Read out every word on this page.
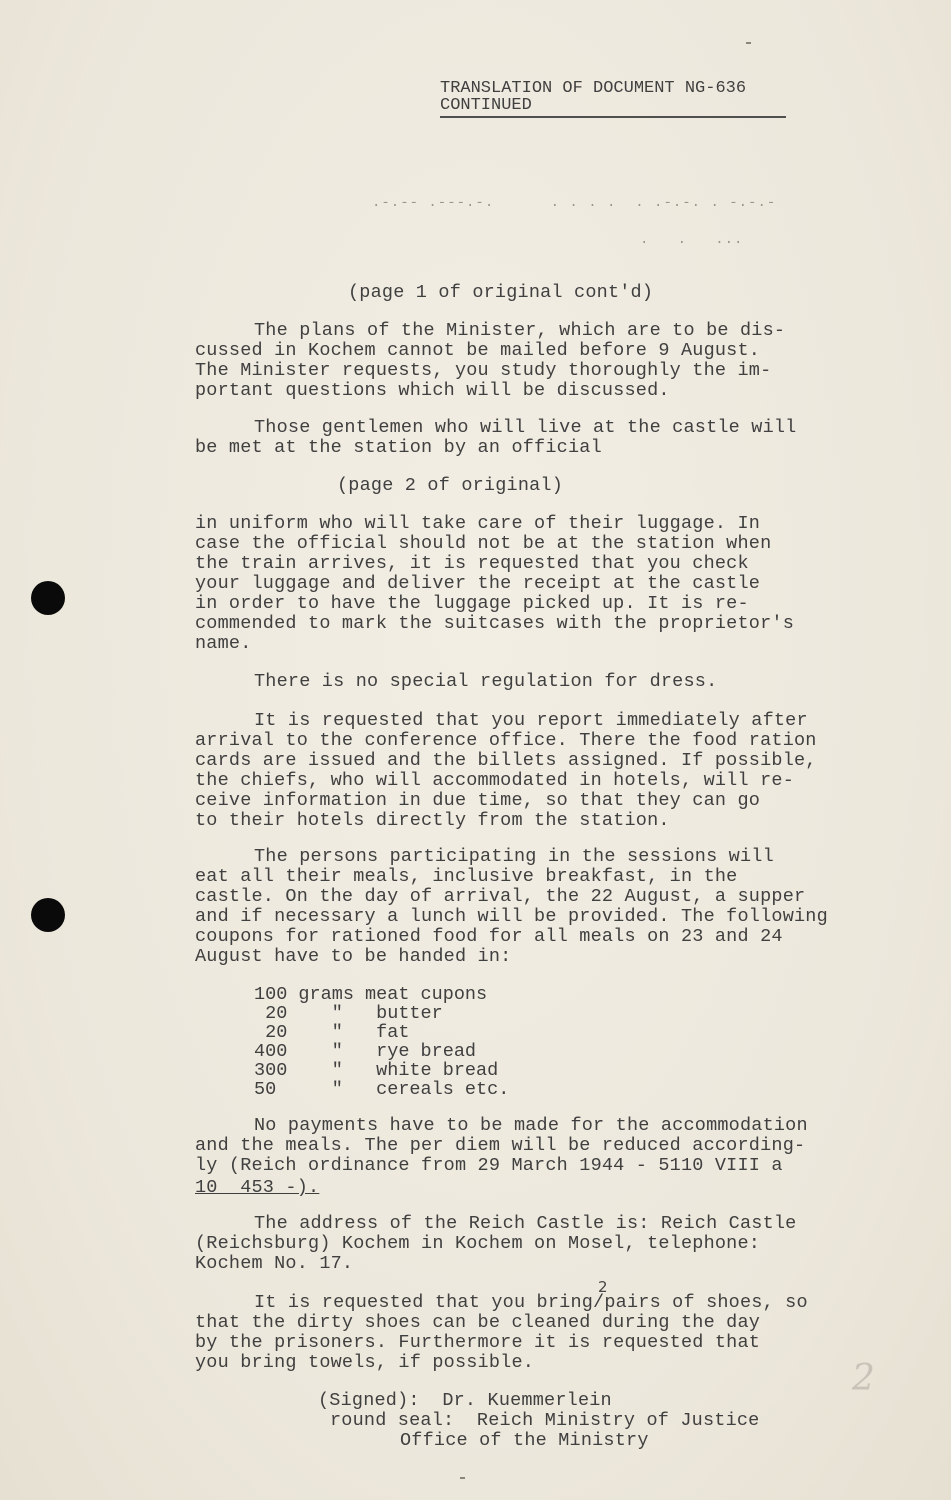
TRANSLATION OF DOCUMENT NG-636
CONTINUED
.-.-- .---.-.      . . . .  . .-.-. . -.-.-
.   .   ...
(page 1 of original cont'd)
The plans of the Minister, which are to be dis-
cussed in Kochem cannot be mailed before 9 August.
The Minister requests, you study thoroughly the im-
portant questions which will be discussed.
Those gentlemen who will live at the castle will
be met at the station by an official
(page 2 of original)
in uniform who will take care of their luggage. In
case the official should not be at the station when
the train arrives, it is requested that you check
your luggage and deliver the receipt at the castle
in order to have the luggage picked up. It is re-
commended to mark the suitcases with the proprietor's
name.
There is no special regulation for dress.
It is requested that you report immediately after
arrival to the conference office. There the food ration
cards are issued and the billets assigned. If possible,
the chiefs, who will accommodated in hotels, will re-
ceive information in due time, so that they can go
to their hotels directly from the station.
The persons participating in the sessions will
eat all their meals, inclusive breakfast, in the
castle. On the day of arrival, the 22 August, a supper
and if necessary a lunch will be provided. The following
coupons for rationed food for all meals on 23 and 24
August have to be handed in:
100 grams meat cupons
20    "   butter
20    "   fat
400    "   rye bread
300    "   white bread
50     "   cereals etc.
No payments have to be made for the accommodation
and the meals. The per diem will be reduced according-
ly (Reich ordinance from 29 March 1944 - 5110 VIII a
10  453 -).
The address of the Reich Castle is: Reich Castle
(Reichsburg) Kochem in Kochem on Mosel, telephone:
Kochem No. 17.
2
It is requested that you bring/pairs of shoes, so
that the dirty shoes can be cleaned during the day
by the prisoners. Furthermore it is requested that
you bring towels, if possible.
(Signed):  Dr. Kuemmerlein
round seal:  Reich Ministry of Justice
Office of the Ministry
2
